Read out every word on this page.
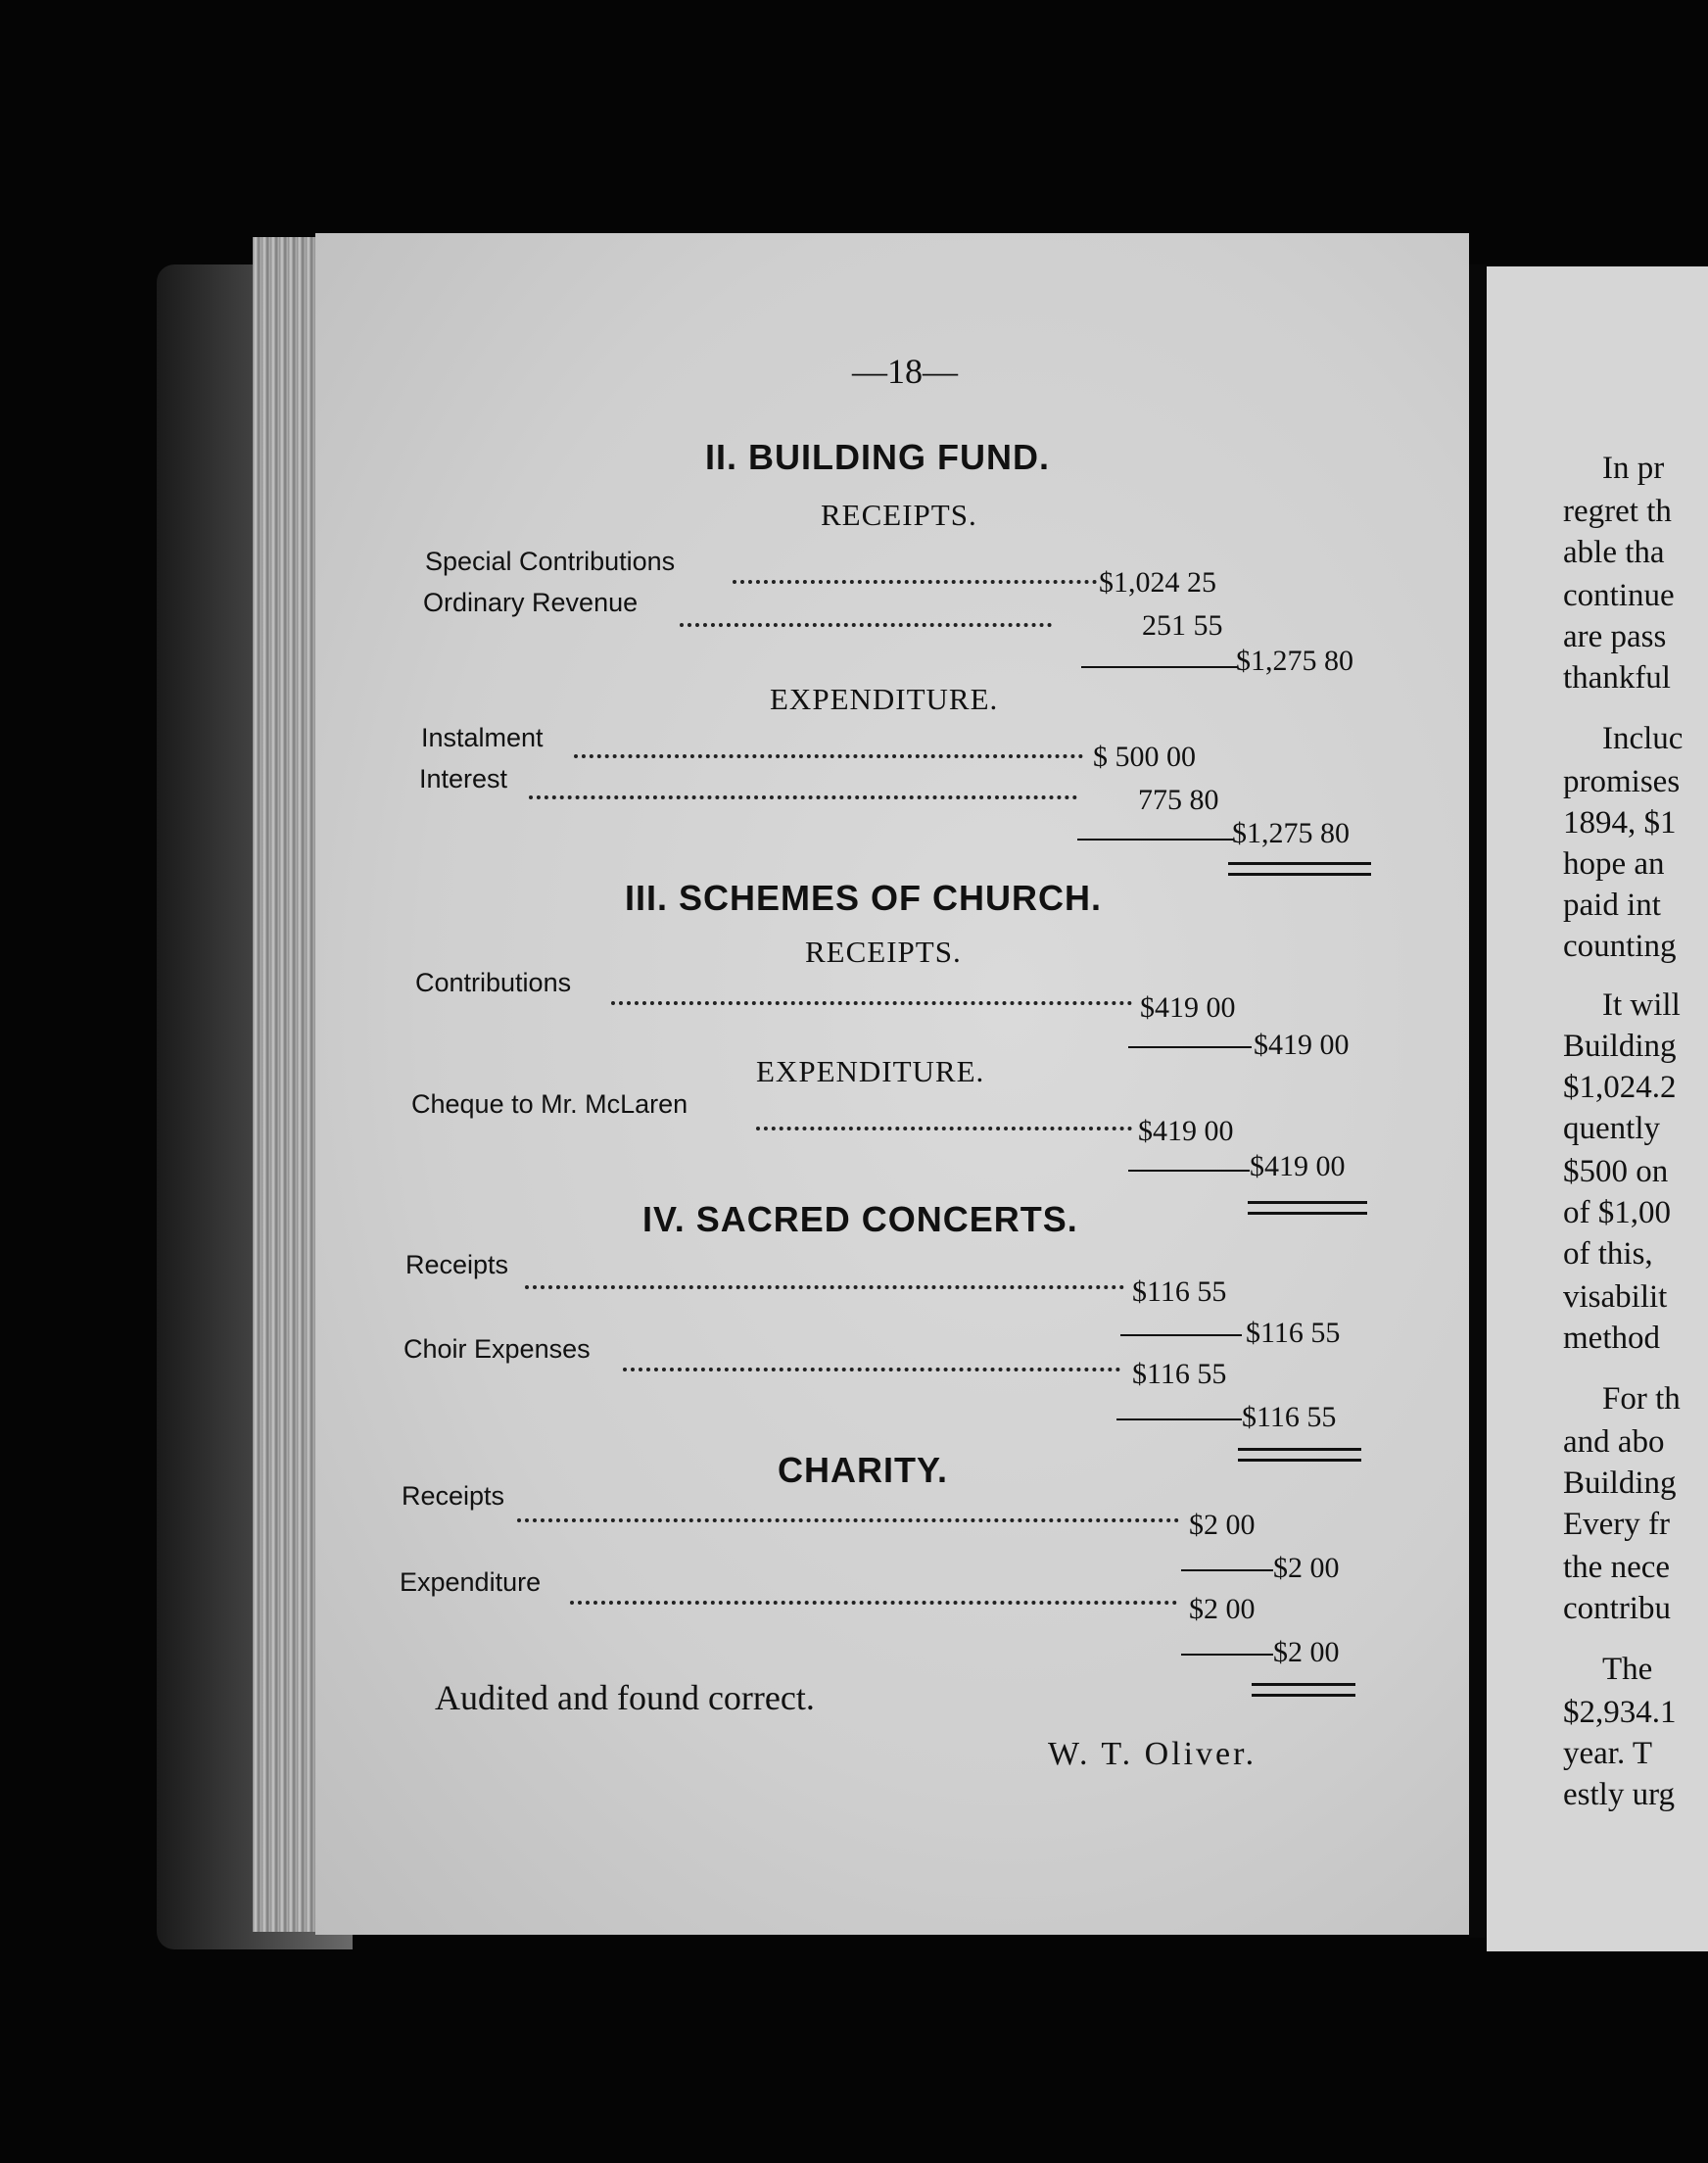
In pr
regret th
able tha
continue
are pass
thankful
Incluc
promises
1894, $1
hope an
paid int
counting
It will
Building
$1,024.2
quently
$500 on
of $1,00
of this,
visabilit
method
For th
and abo
Building
Every fr
the nece
contribu
The
$2,934.1
year. T
estly urg
—18—
II. BUILDING FUND.
RECEIPTS.
Special Contributions
$1,024 25
Ordinary Revenue
251 55
$1,275 80
EXPENDITURE.
Instalment
$ 500 00
Interest
775 80
$1,275 80
III. SCHEMES OF CHURCH.
RECEIPTS.
Contributions
$419 00
$419 00
EXPENDITURE.
Cheque to Mr. McLaren
$419 00
$419 00
IV. SACRED CONCERTS.
Receipts
$116 55
$116 55
Choir Expenses
$116 55
$116 55
CHARITY.
Receipts
$2 00
$2 00
Expenditure
$2 00
$2 00
Audited and found correct.
W. T. Oliver.
